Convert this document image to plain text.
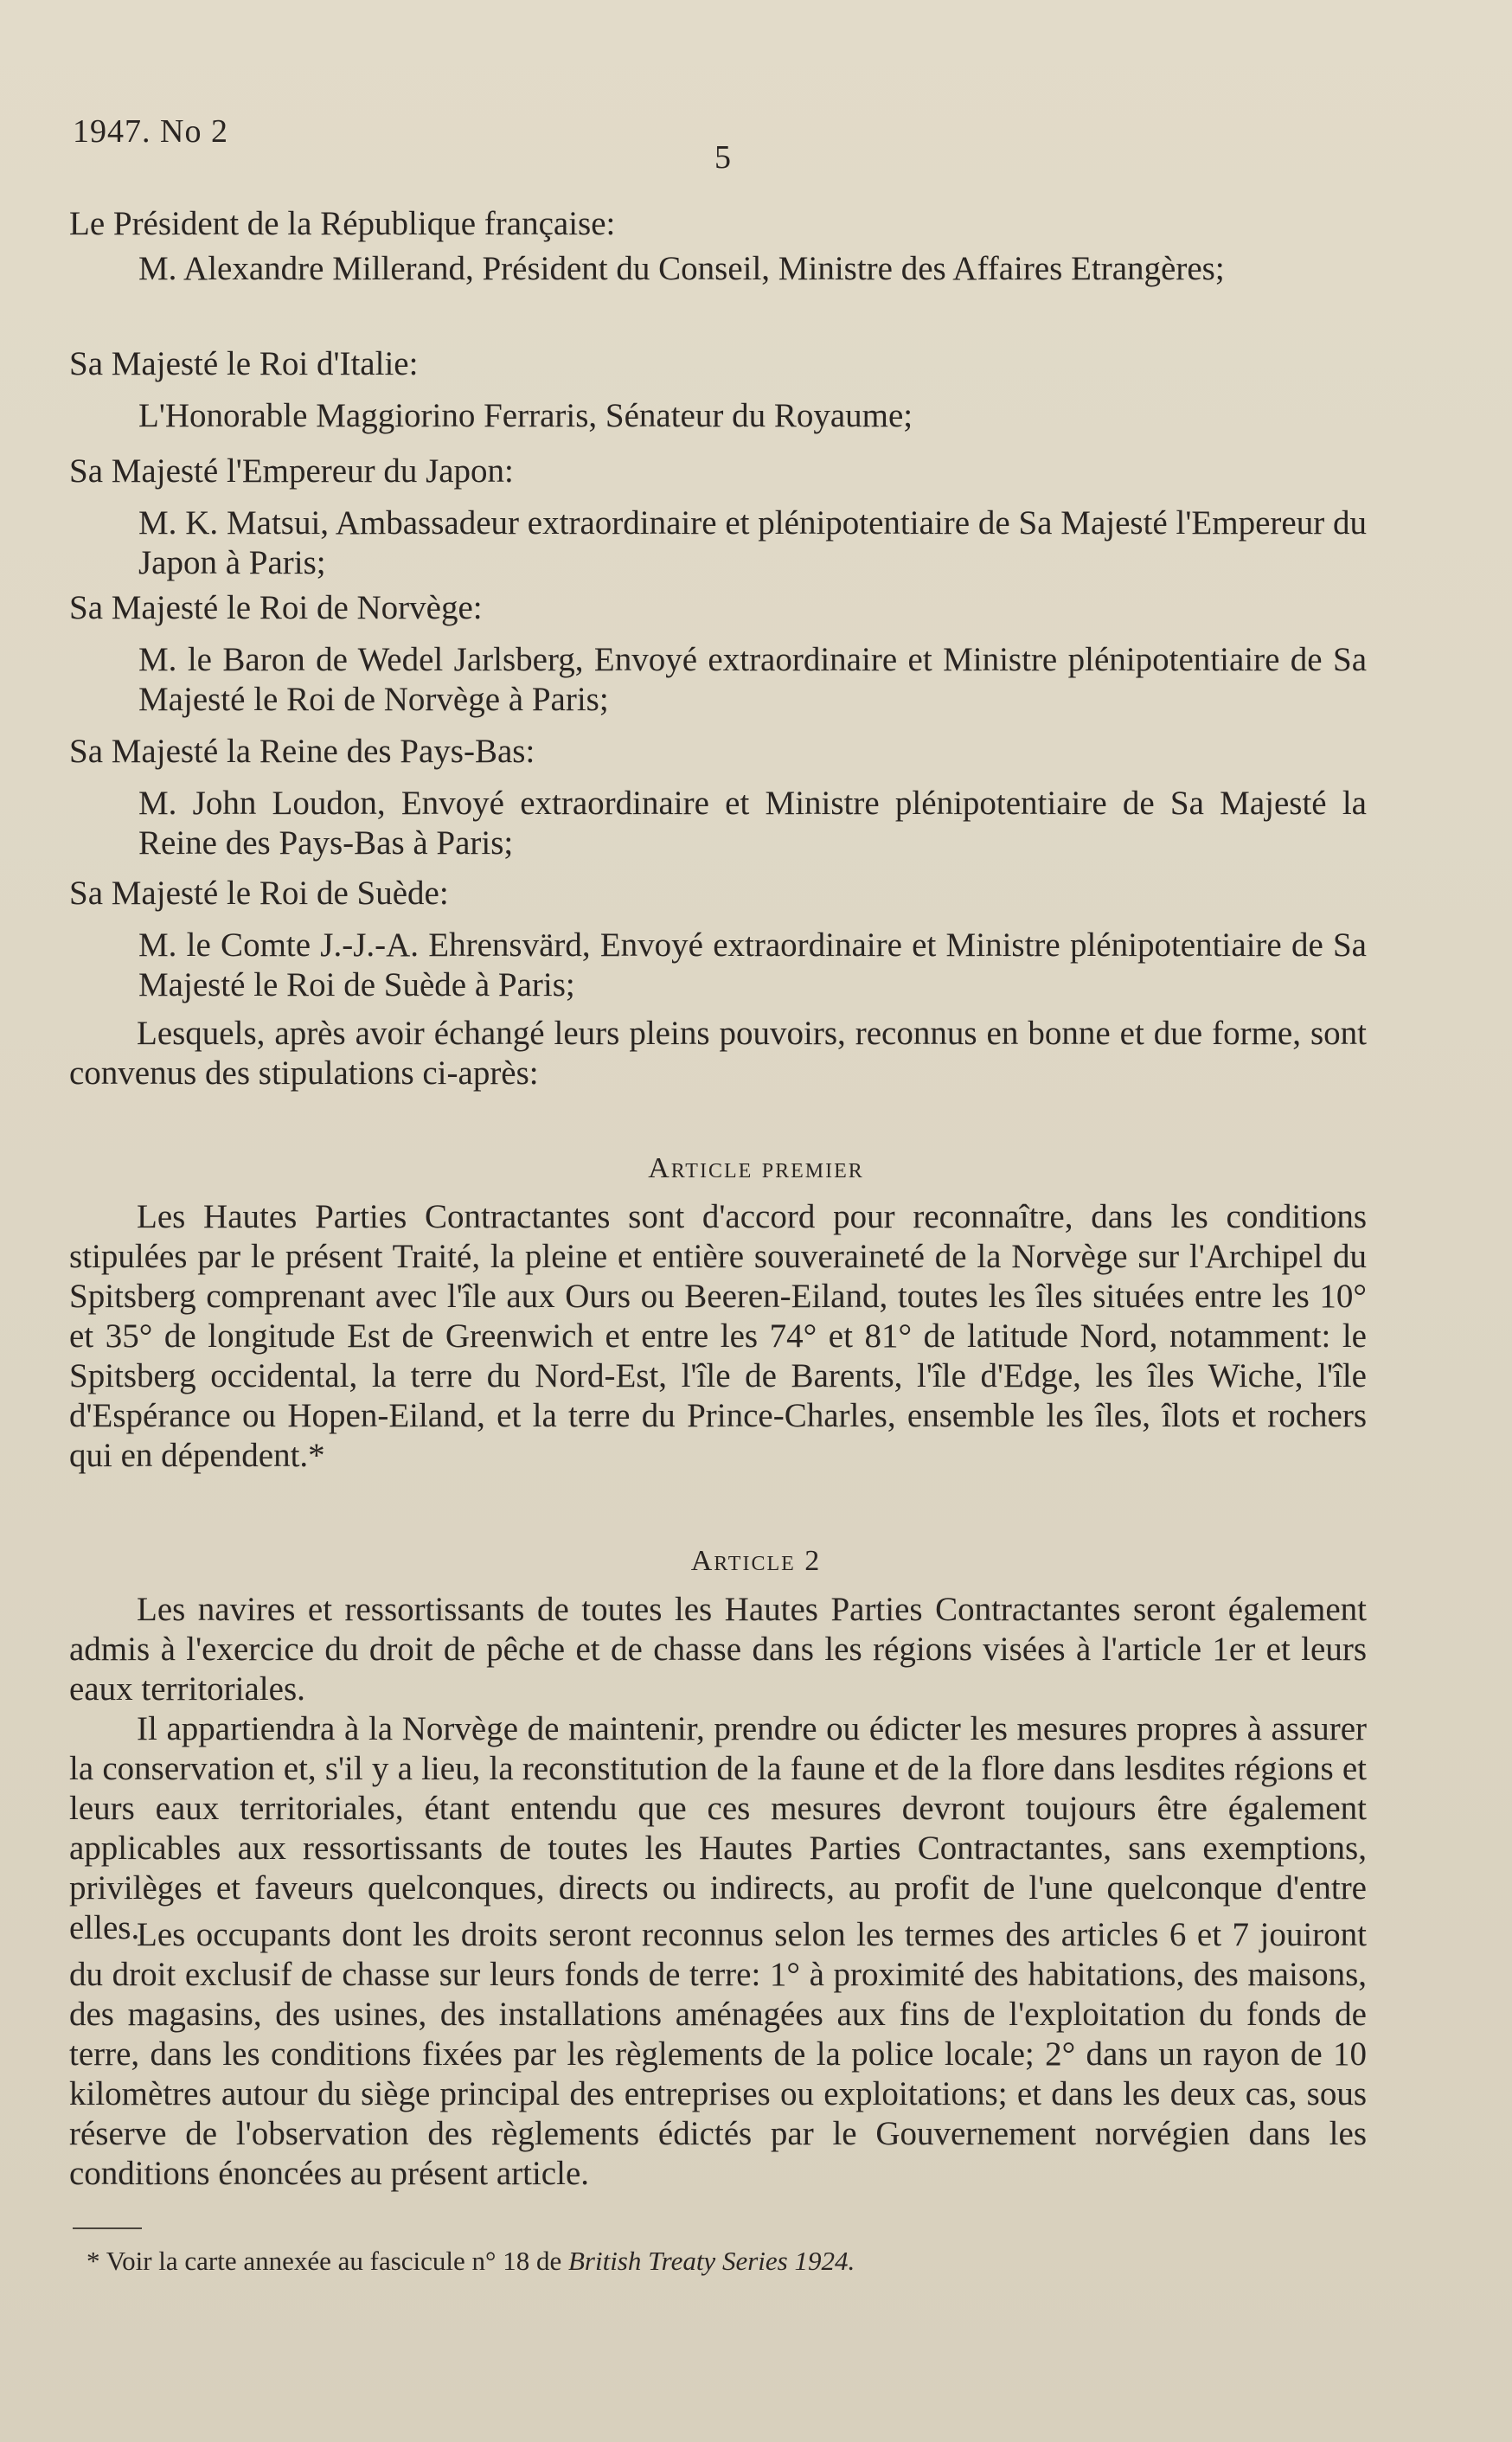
1947. No 2
5
Le Président de la République française:
M. Alexandre Millerand, Président du Conseil, Ministre des Affaires Etrangères;
Sa Majesté le Roi d'Italie:
L'Honorable Maggiorino Ferraris, Sénateur du Royaume;
Sa Majesté l'Empereur du Japon:
M. K. Matsui, Ambassadeur extraordinaire et plénipotentiaire de Sa Majesté l'Empereur du Japon à Paris;
Sa Majesté le Roi de Norvège:
M. le Baron de Wedel Jarlsberg, Envoyé extraordinaire et Ministre plénipotentiaire de Sa Majesté le Roi de Norvège à Paris;
Sa Majesté la Reine des Pays-Bas:
M. John Loudon, Envoyé extraordinaire et Ministre plénipotentiaire de Sa Majesté la Reine des Pays-Bas à Paris;
Sa Majesté le Roi de Suède:
M. le Comte J.-J.-A. Ehrensvärd, Envoyé extraordinaire et Ministre plénipotentiaire de Sa Majesté le Roi de Suède à Paris;
Lesquels, après avoir échangé leurs pleins pouvoirs, reconnus en bonne et due forme, sont convenus des stipulations ci-après:
Article premier
Les Hautes Parties Contractantes sont d'accord pour reconnaître, dans les conditions stipulées par le présent Traité, la pleine et entière souveraineté de la Norvège sur l'Archipel du Spitsberg comprenant avec l'île aux Ours ou Beeren-Eiland, toutes les îles situées entre les 10° et 35° de longitude Est de Greenwich et entre les 74° et 81° de latitude Nord, notamment: le Spitsberg occidental, la terre du Nord-Est, l'île de Barents, l'île d'Edge, les îles Wiche, l'île d'Espérance ou Hopen-Eiland, et la terre du Prince-Charles, ensemble les îles, îlots et rochers qui en dépendent.*
Article 2
Les navires et ressortissants de toutes les Hautes Parties Contractantes seront également admis à l'exercice du droit de pêche et de chasse dans les régions visées à l'article 1er et leurs eaux territoriales.
Il appartiendra à la Norvège de maintenir, prendre ou édicter les mesures propres à assurer la conservation et, s'il y a lieu, la reconstitution de la faune et de la flore dans lesdites régions et leurs eaux territoriales, étant entendu que ces mesures devront toujours être également applicables aux ressortissants de toutes les Hautes Parties Contractantes, sans exemptions, privilèges et faveurs quelconques, directs ou indirects, au profit de l'une quelconque d'entre elles.
Les occupants dont les droits seront reconnus selon les termes des articles 6 et 7 jouiront du droit exclusif de chasse sur leurs fonds de terre: 1° à proximité des habitations, des maisons, des magasins, des usines, des installations aménagées aux fins de l'exploitation du fonds de terre, dans les conditions fixées par les règlements de la police locale; 2° dans un rayon de 10 kilomètres autour du siège principal des entreprises ou exploitations; et dans les deux cas, sous réserve de l'observation des règlements édictés par le Gouvernement norvégien dans les conditions énoncées au présent article.
* Voir la carte annexée au fascicule n° 18 de British Treaty Series 1924.
